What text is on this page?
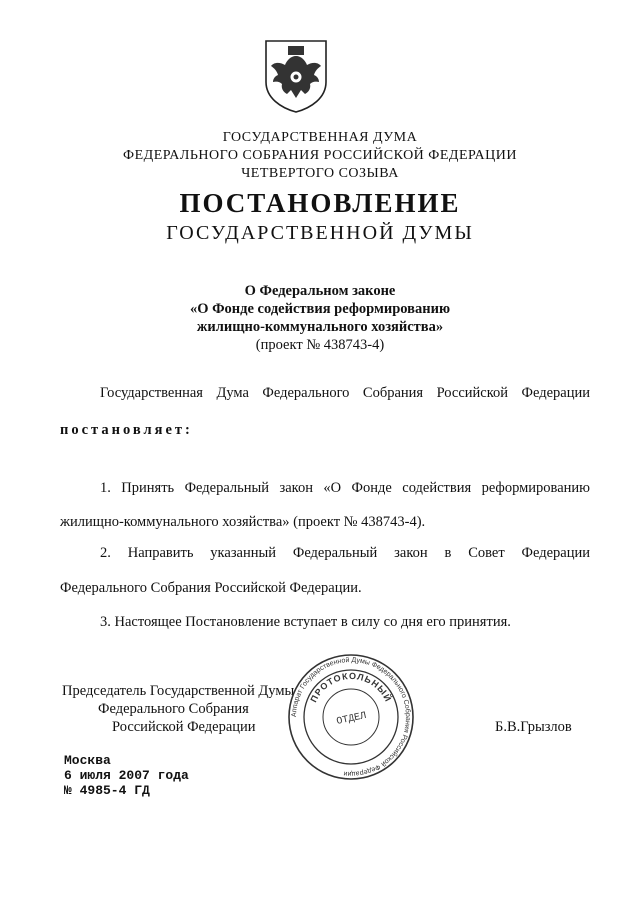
ГОСУДАРСТВЕННАЯ ДУМА
ФЕДЕРАЛЬНОГО СОБРАНИЯ РОССИЙСКОЙ ФЕДЕРАЦИИ
ЧЕТВЕРТОГО СОЗЫВА
ПОСТАНОВЛЕНИЕ
ГОСУДАРСТВЕННОЙ ДУМЫ
О Федеральном законе
«О Фонде содействия реформированию
жилищно-коммунального хозяйства»
(проект № 438743-4)
Государственная Дума Федерального Собрания Российской Федерации
постановляет:
1. Принять Федеральный закон «О Фонде содействия реформированию
жилищно-коммунального хозяйства» (проект № 438743-4).
2. Направить указанный Федеральный закон в Совет Федерации
Федерального Собрания Российской Федерации.
3. Настоящее Постановление вступает в силу со дня его принятия.
Председатель Государственной Думы
Федерального Собрания
Российской Федерации	Б.В.Грызлов
Аппарат Государственной Думы Федерального Собрания Российской Федерации
ПРОТОКОЛЬНЫЙ
ОТДЕЛ
Москва
6 июля 2007 года
№ 4985-4 ГД
